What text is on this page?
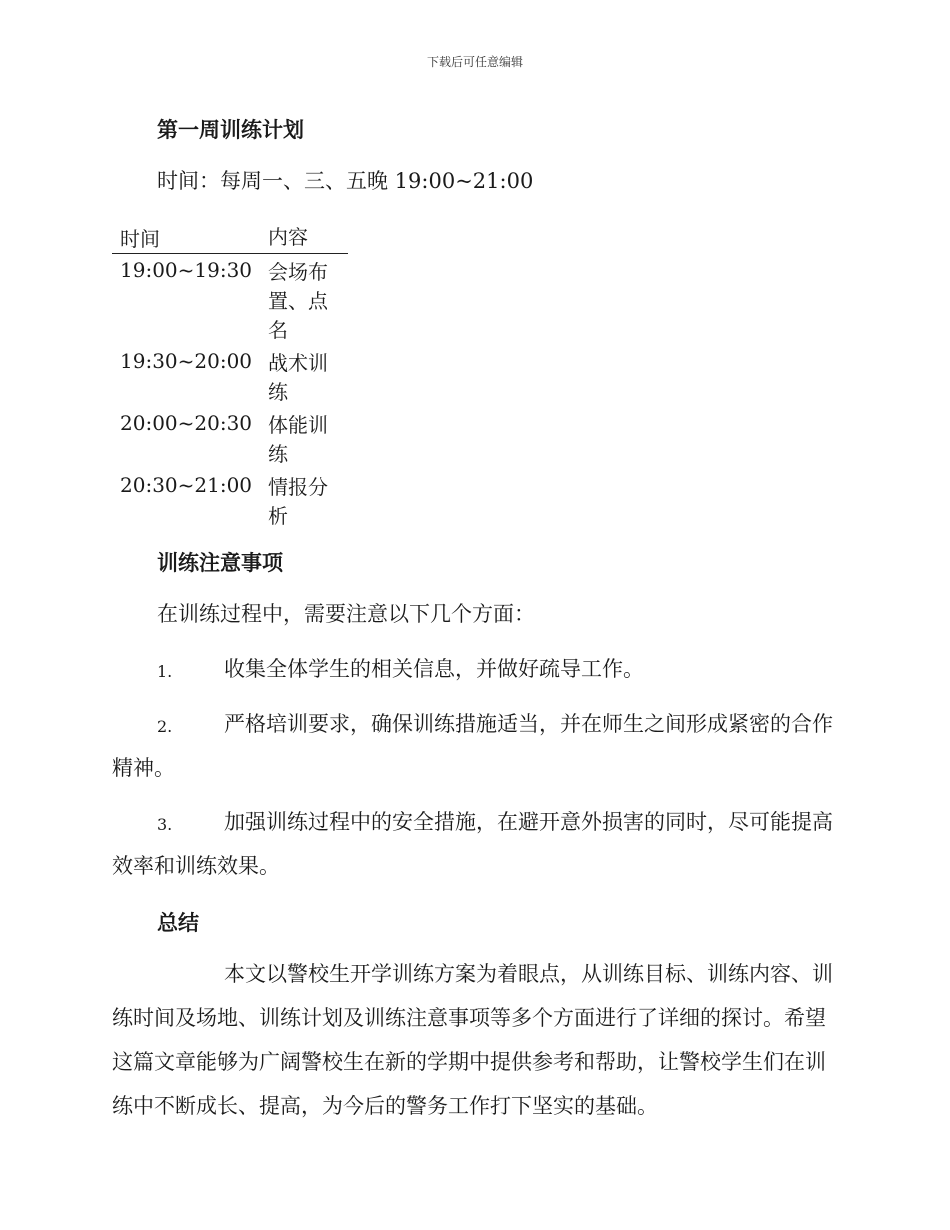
下载后可任意编辑
第一周训练计划
时间：每周一、三、五晚 19:00~21:00
时间	内容
19:00~19:30	会场布置、点名
19:30~20:00	战术训练
20:00~20:30	体能训练
20:30~21:00	情报分析
训练注意事项
在训练过程中，需要注意以下几个方面：
1.	收集全体学生的相关信息，并做好疏导工作。
2.	严格培训要求，确保训练措施适当，并在师生之间形成紧密的合作精神。
3.	加强训练过程中的安全措施，在避开意外损害的同时，尽可能提高效率和训练效果。
总结
本文以警校生开学训练方案为着眼点，从训练目标、训练内容、训练时间及场地、训练计划及训练注意事项等多个方面进行了详细的探讨。希望这篇文章能够为广阔警校生在新的学期中提供参考和帮助，让警校学生们在训练中不断成长、提高，为今后的警务工作打下坚实的基础。
